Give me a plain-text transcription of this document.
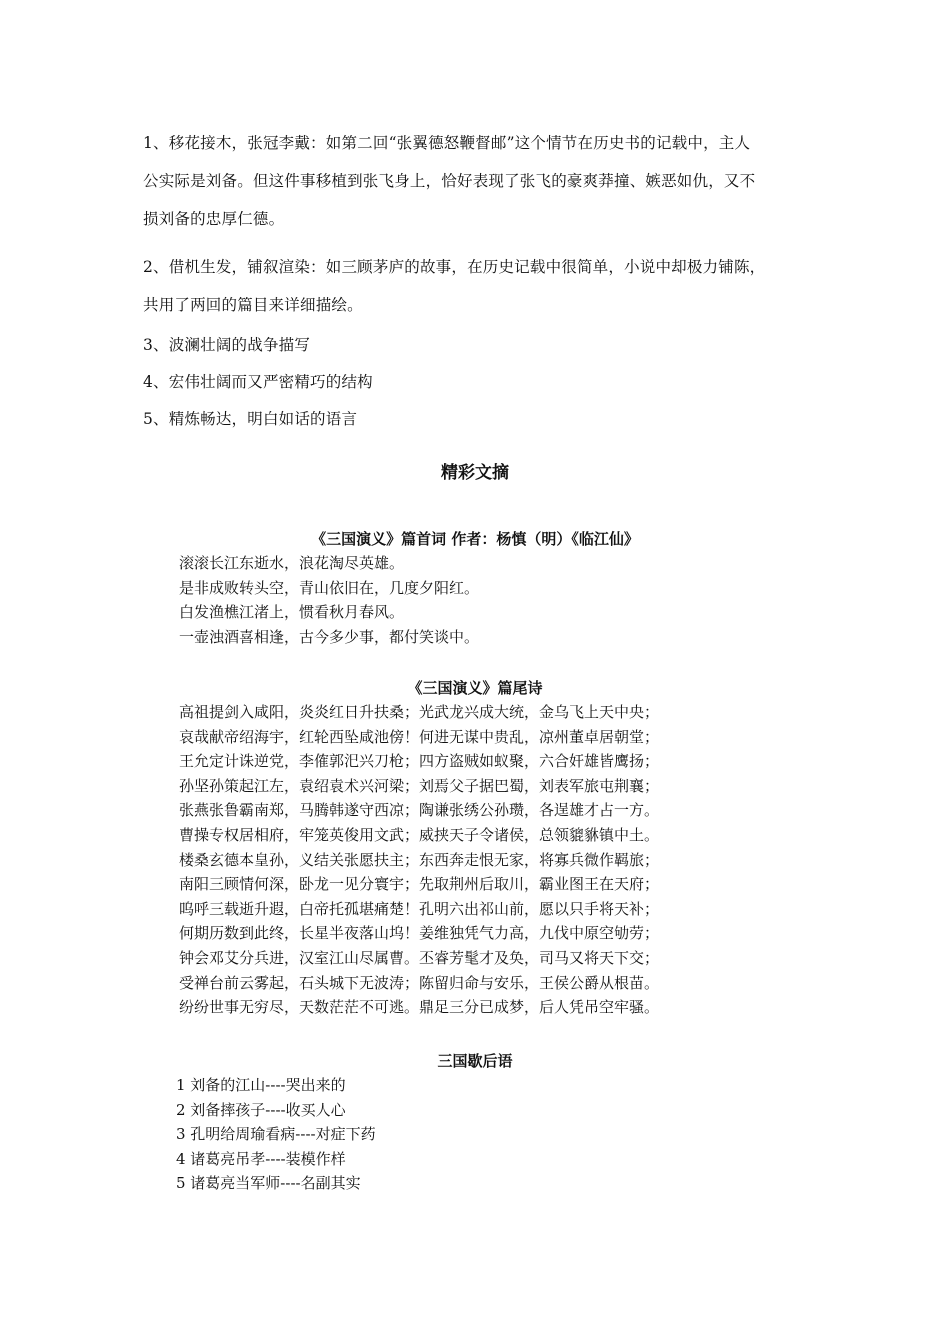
1、移花接木，张冠李戴：如第二回“张翼德怒鞭督邮”这个情节在历史书的记载中，主人
公实际是刘备。但这件事移植到张飞身上，恰好表现了张飞的豪爽莽撞、嫉恶如仇，又不
损刘备的忠厚仁德。
2、借机生发，铺叙渲染：如三顾茅庐的故事，在历史记载中很简单，小说中却极力铺陈，
共用了两回的篇目来详细描绘。
3、波澜壮阔的战争描写
4、宏伟壮阔而又严密精巧的结构
5、精炼畅达，明白如话的语言
精彩文摘
《三国演义》篇首词 作者：杨慎（明）《临江仙》
滚滚长江东逝水，浪花淘尽英雄。
是非成败转头空，青山依旧在，几度夕阳红。
白发渔樵江渚上，惯看秋月春风。
一壶浊酒喜相逢，古今多少事，都付笑谈中。
《三国演义》篇尾诗
高祖提剑入咸阳，炎炎红日升扶桑；光武龙兴成大统，金乌飞上天中央；
哀哉献帝绍海宇，红轮西坠咸池傍！何进无谋中贵乱，凉州董卓居朝堂；
王允定计诛逆党，李傕郭汜兴刀枪；四方盗贼如蚁聚，六合奸雄皆鹰扬；
孙坚孙策起江左，袁绍袁术兴河梁；刘焉父子据巴蜀，刘表军旅屯荆襄；
张燕张鲁霸南郑，马腾韩遂守西凉；陶谦张绣公孙瓒，各逞雄才占一方。
曹操专权居相府，牢笼英俊用文武；威挟天子令诸侯，总领貔貅镇中土。
楼桑玄德本皇孙，义结关张愿扶主；东西奔走恨无家，将寡兵微作羁旅；
南阳三顾情何深，卧龙一见分寰宇；先取荆州后取川，霸业图王在天府；
呜呼三载逝升遐，白帝托孤堪痛楚！孔明六出祁山前，愿以只手将天补；
何期历数到此终，长星半夜落山坞！姜维独凭气力高，九伐中原空劬劳；
钟会邓艾分兵进，汉室江山尽属曹。丕睿芳髦才及奂，司马又将天下交；
受禅台前云雾起，石头城下无波涛；陈留归命与安乐，王侯公爵从根苗。
纷纷世事无穷尽，天数茫茫不可逃。鼎足三分已成梦，后人凭吊空牢骚。
三国歇后语
1 刘备的江山----哭出来的
2 刘备摔孩子----收买人心
3 孔明给周瑜看病----对症下药
4 诸葛亮吊孝----装模作样
5 诸葛亮当军师----名副其实
